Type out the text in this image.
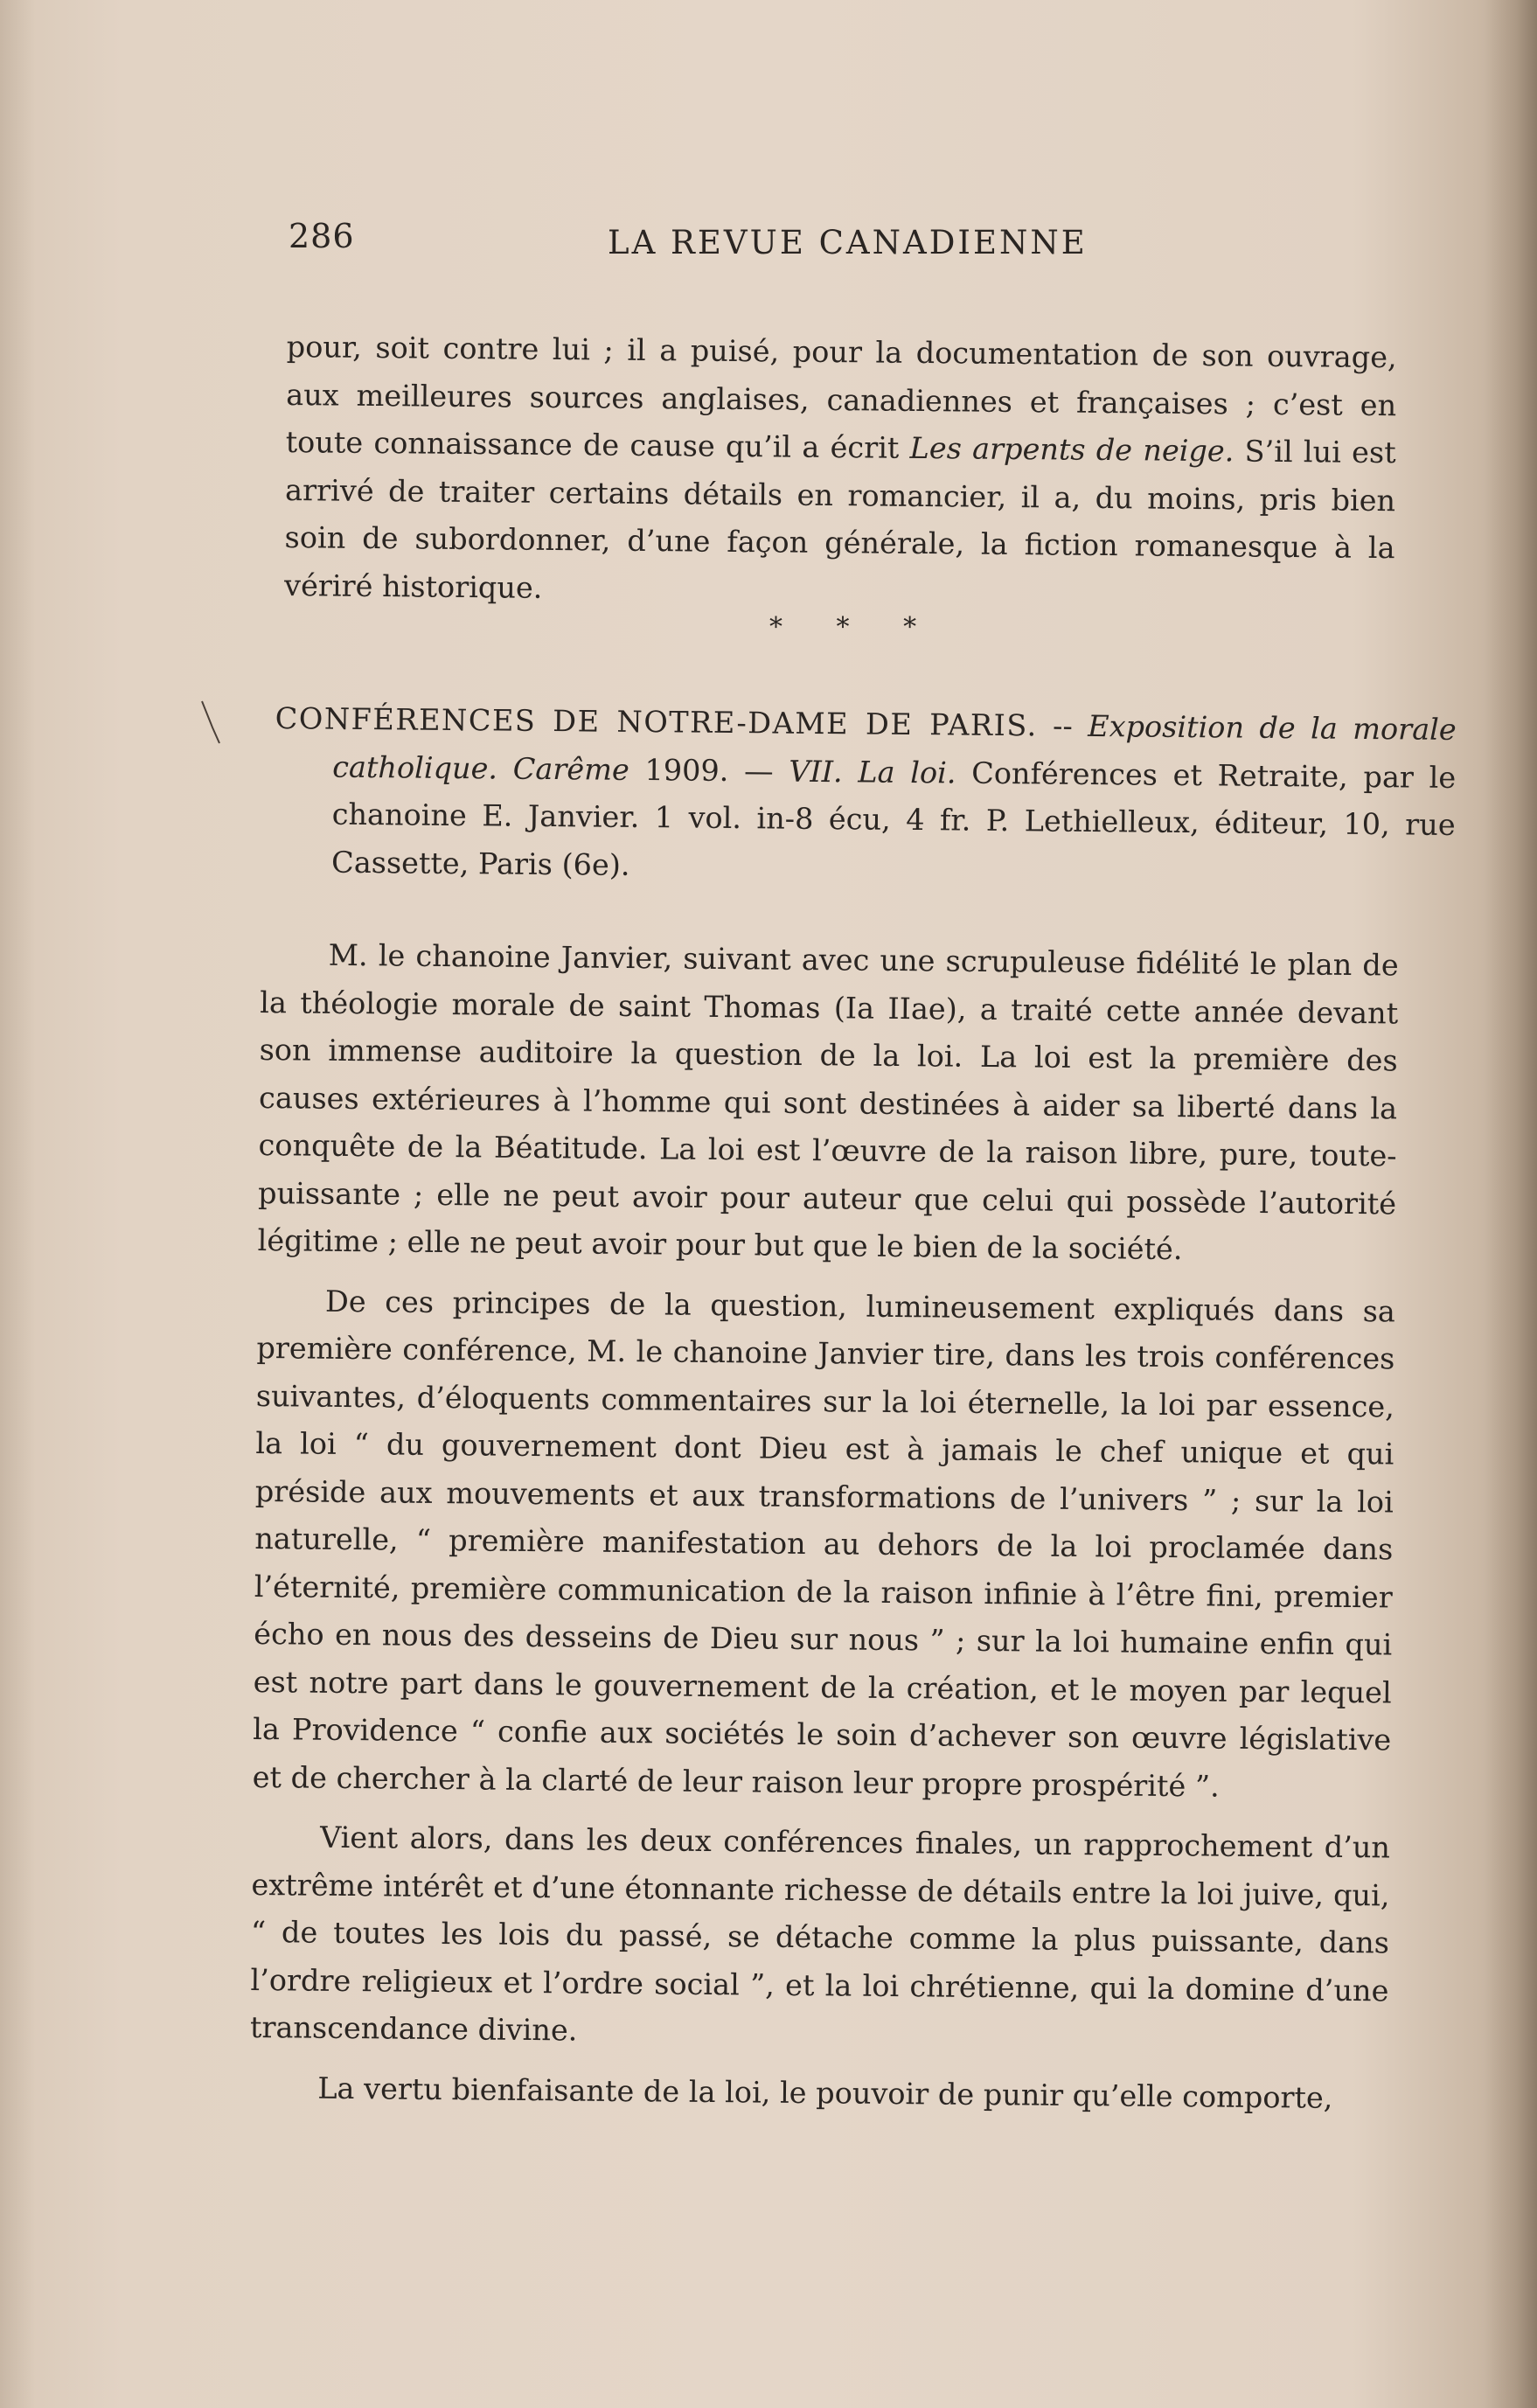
286	LA REVUE CANADIENNE

pour, soit contre lui ; il a puisé, pour la documentation de son ouvrage, aux meilleures sources anglaises, canadiennes et françaises ; c’est en toute connaissance de cause qu’il a écrit Les arpents de neige. S’il lui est arrivé de traiter certains détails en romancier, il a, du moins, pris bien soin de subordonner, d’une façon générale, la fiction romanesque à la vériré historique.

* * *

CONFÉRENCES DE NOTRE-DAME DE PARIS. -- Exposition de la morale catholique. Carême 1909. — VII. La loi. Conférences et Retraite, par le chanoine E. Janvier. 1 vol. in-8 écu, 4 fr. P. Lethielleux, éditeur, 10, rue Cassette, Paris (6e).

M. le chanoine Janvier, suivant avec une scrupuleuse fidélité le plan de la théologie morale de saint Thomas (Ia IIae), a traité cette année devant son immense auditoire la question de la loi. La loi est la première des causes extérieures à l’homme qui sont destinées à aider sa liberté dans la conquête de la Béatitude. La loi est l’œuvre de la raison libre, pure, toute-puissante ; elle ne peut avoir pour auteur que celui qui possède l’autorité légitime ; elle ne peut avoir pour but que le bien de la société.

De ces principes de la question, lumineusement expliqués dans sa première conférence, M. le chanoine Janvier tire, dans les trois conférences suivantes, d’éloquents commentaires sur la loi éternelle, la loi par essence, la loi “ du gouvernement dont Dieu est à jamais le chef unique et qui préside aux mouvements et aux transformations de l’univers ” ; sur la loi naturelle, “ première manifestation au dehors de la loi proclamée dans l’éternité, première communication de la raison infinie à l’être fini, premier écho en nous des desseins de Dieu sur nous ” ; sur la loi humaine enfin qui est notre part dans le gouvernement de la création, et le moyen par lequel la Providence “ confie aux sociétés le soin d’achever son œuvre législative et de chercher à la clarté de leur raison leur propre prospérité ”.

Vient alors, dans les deux conférences finales, un rapprochement d’un extrême intérêt et d’une étonnante richesse de détails entre la loi juive, qui, “ de toutes les lois du passé, se détache comme la plus puissante, dans l’ordre religieux et l’ordre social ”, et la loi chrétienne, qui la domine d’une transcendance divine.

La vertu bienfaisante de la loi, le pouvoir de punir qu’elle comporte,
